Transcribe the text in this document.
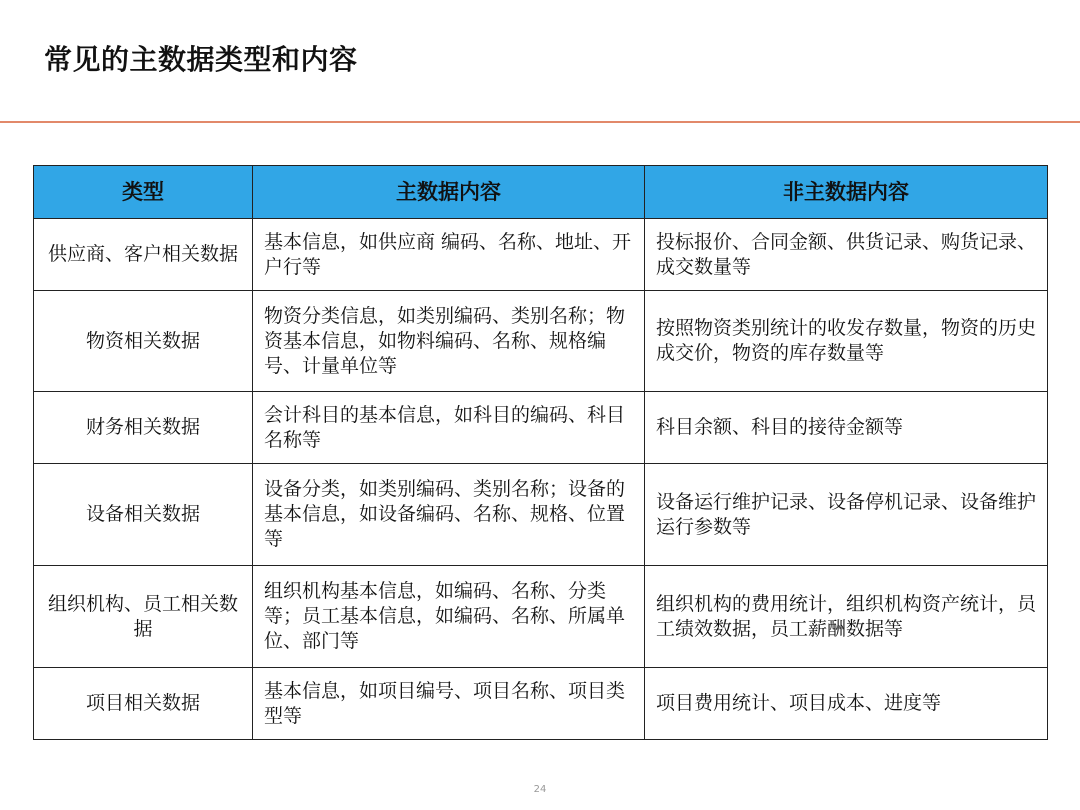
常见的主数据类型和内容
类型	主数据内容	非主数据内容
供应商、客户相关数据	基本信息，如供应商 编码、名称、地址、开户行等	投标报价、合同金额、供货记录、购货记录、成交数量等
物资相关数据	物资分类信息，如类别编码、类别名称；物资基本信息，如物料编码、名称、规格编号、计量单位等	按照物资类别统计的收发存数量，物资的历史成交价，物资的库存数量等
财务相关数据	会计科目的基本信息，如科目的编码、科目名称等	科目余额、科目的接待金额等
设备相关数据	设备分类，如类别编码、类别名称；设备的基本信息，如设备编码、名称、规格、位置等	设备运行维护记录、设备停机记录、设备维护运行参数等
组织机构、员工相关数据	组织机构基本信息，如编码、名称、分类等；员工基本信息，如编码、名称、所属单位、部门等	组织机构的费用统计，组织机构资产统计，员工绩效数据，员工薪酬数据等
项目相关数据	基本信息，如项目编号、项目名称、项目类型等	项目费用统计、项目成本、进度等
24
